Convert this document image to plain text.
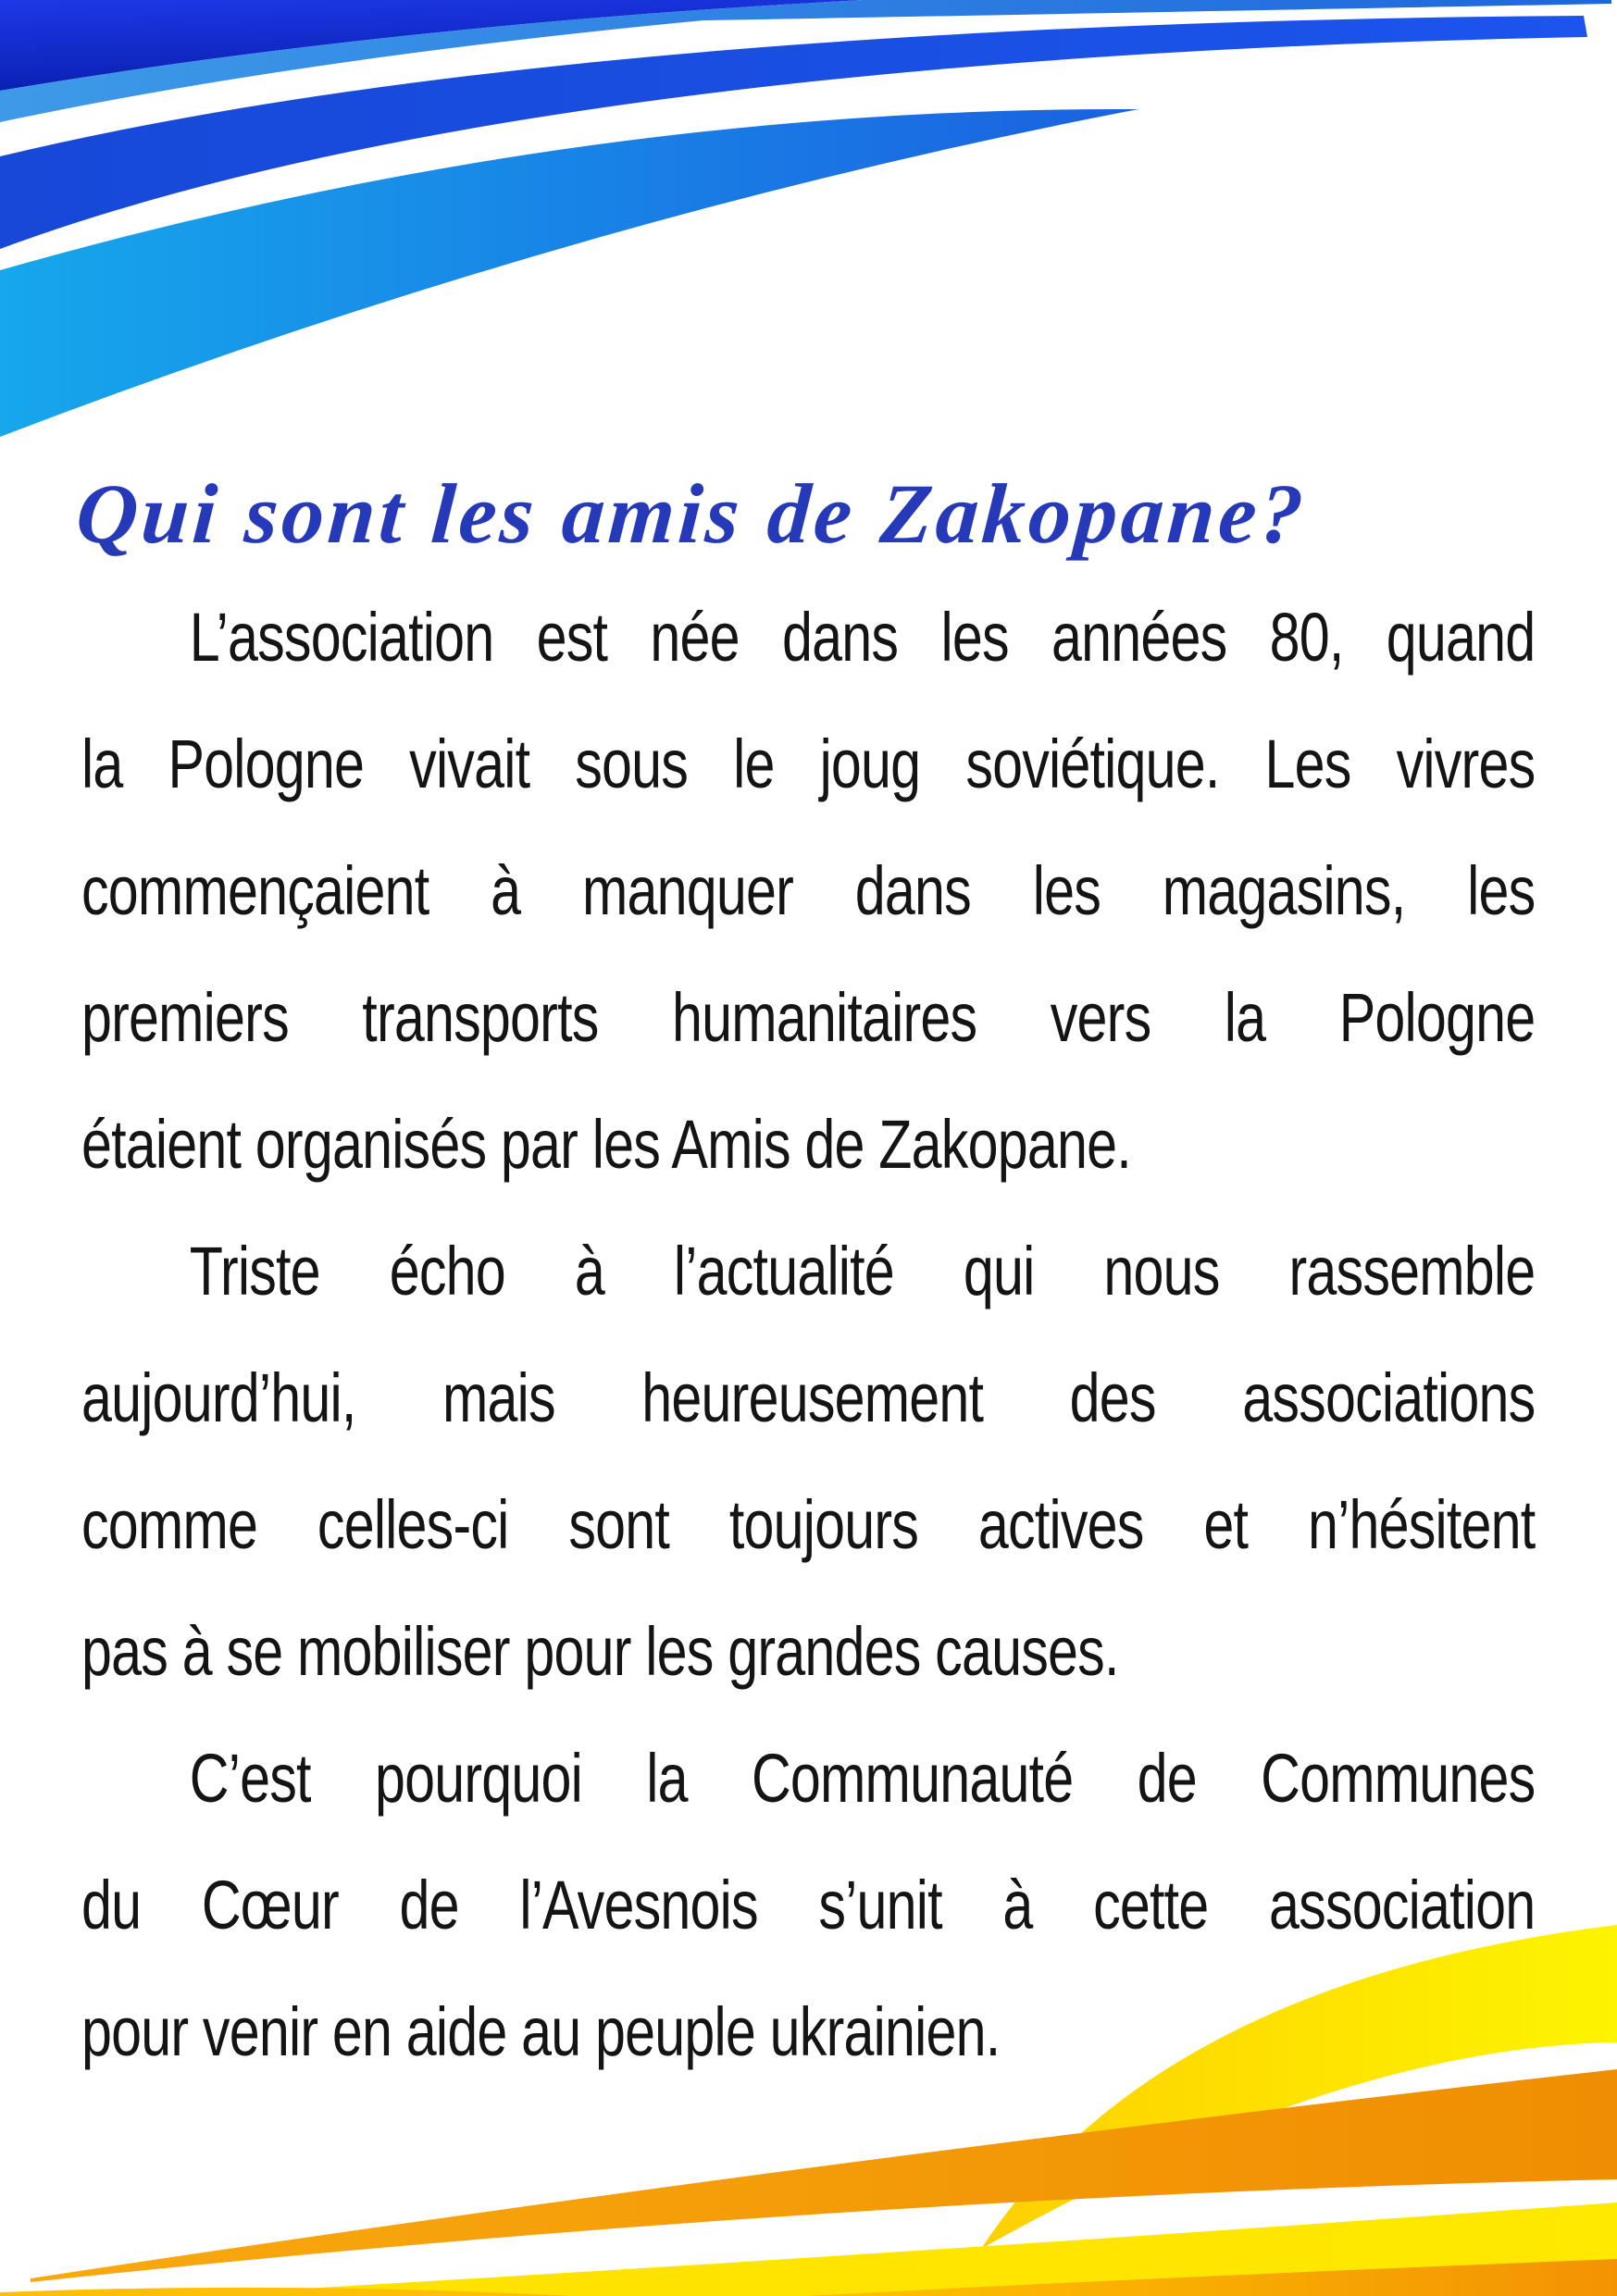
Qui sont les amis de Zakopane?
L’association est née dans les années 80, quand
la Pologne vivait sous le joug soviétique. Les vivres
commençaient à manquer dans les magasins, les
premiers transports humanitaires vers la Pologne
étaient organisés par les Amis de Zakopane.
Triste écho à l’actualité qui nous rassemble
aujourd’hui, mais heureusement des associations
comme celles-ci sont toujours actives et n’hésitent
pas à se mobiliser pour les grandes causes.
C’est pourquoi la Communauté de Communes
du Cœur de l’Avesnois s’unit à cette association
pour venir en aide au peuple ukrainien.
